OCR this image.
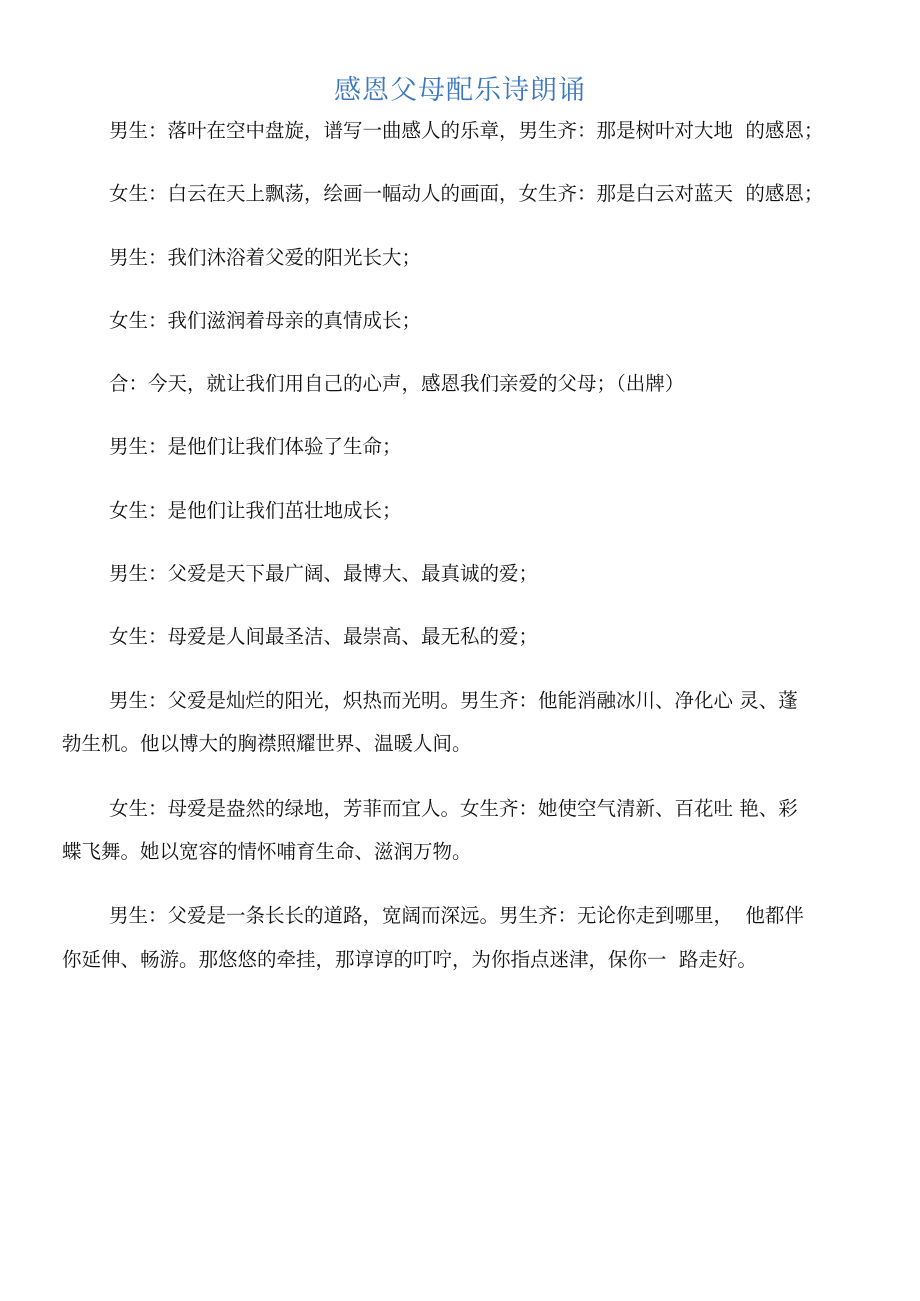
感恩父母配乐诗朗诵
男生：落叶在空中盘旋，谱写一曲感人的乐章，男生齐：那是树叶对大地  的感恩；
女生：白云在天上飘荡，绘画一幅动人的画面，女生齐：那是白云对蓝天  的感恩；
男生：我们沐浴着父爱的阳光长大；
女生：我们滋润着母亲的真情成长；
合：今天，就让我们用自己的心声，感恩我们亲爱的父母；（出牌）
男生：是他们让我们体验了生命；
女生：是他们让我们茁壮地成长；
男生：父爱是天下最广阔、最博大、最真诚的爱；
女生：母爱是人间最圣洁、最崇高、最无私的爱；
男生：父爱是灿烂的阳光，炽热而光明。男生齐：他能消融冰川、净化心 灵、蓬
勃生机。他以博大的胸襟照耀世界、温暖人间。
女生：母爱是盎然的绿地，芳菲而宜人。女生齐：她使空气清新、百花吐 艳、彩
蝶飞舞。她以宽容的情怀哺育生命、滋润万物。
男生：父爱是一条长长的道路，宽阔而深远。男生齐：无论你走到哪里，  他都伴
你延伸、畅游。那悠悠的牵挂，那谆谆的叮咛，为你指点迷津，保你一  路走好。
